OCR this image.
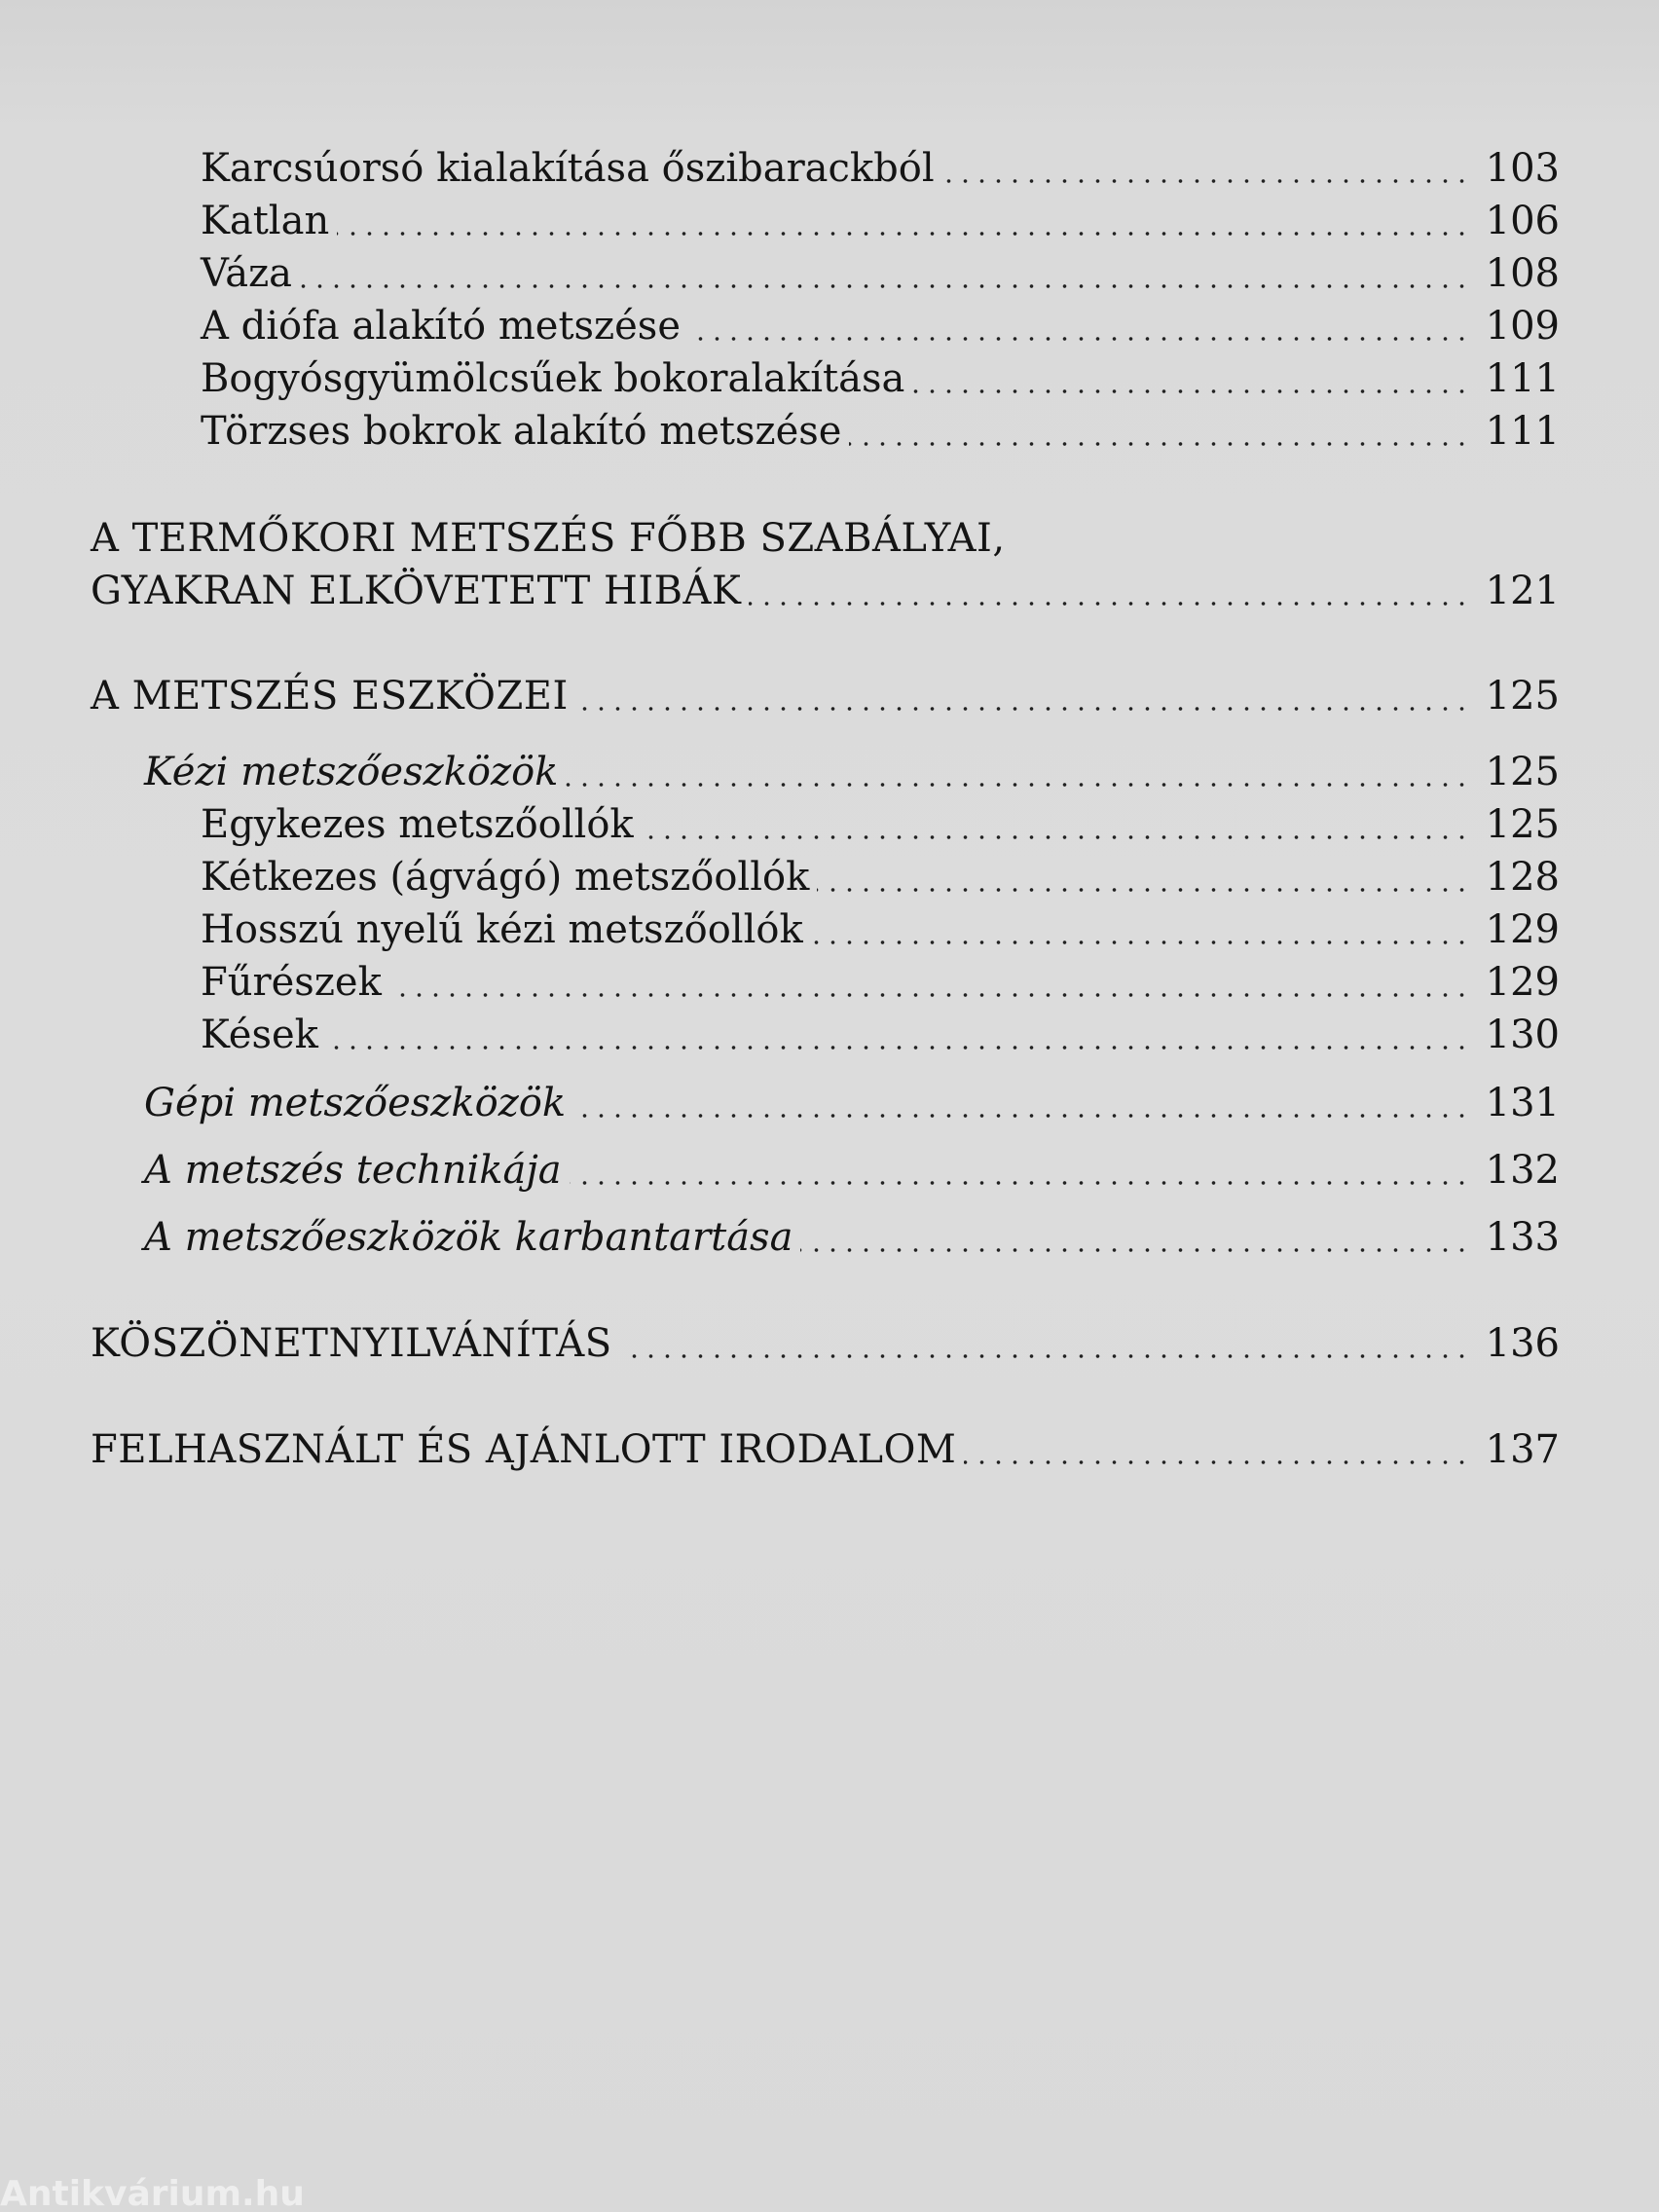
Karcsúorsó kialakítása őszibarackból	103
Katlan	106
Váza	108
A diófa alakító metszése	109
Bogyósgyümölcsűek bokoralakítása	111
Törzses bokrok alakító metszése	111
A TERMŐKORI METSZÉS FŐBB SZABÁLYAI,
GYAKRAN ELKÖVETETT HIBÁK	121
A METSZÉS ESZKÖZEI	125
Kézi metszőeszközök	125
Egykezes metszőollók	125
Kétkezes (ágvágó) metszőollók	128
Hosszú nyelű kézi metszőollók	129
Fűrészek	129
Kések	130
Gépi metszőeszközök	131
A metszés technikája	132
A metszőeszközök karbantartása	133
KÖSZÖNETNYILVÁNÍTÁS	136
FELHASZNÁLT ÉS AJÁNLOTT IRODALOM	137
Antikvárium.hu
